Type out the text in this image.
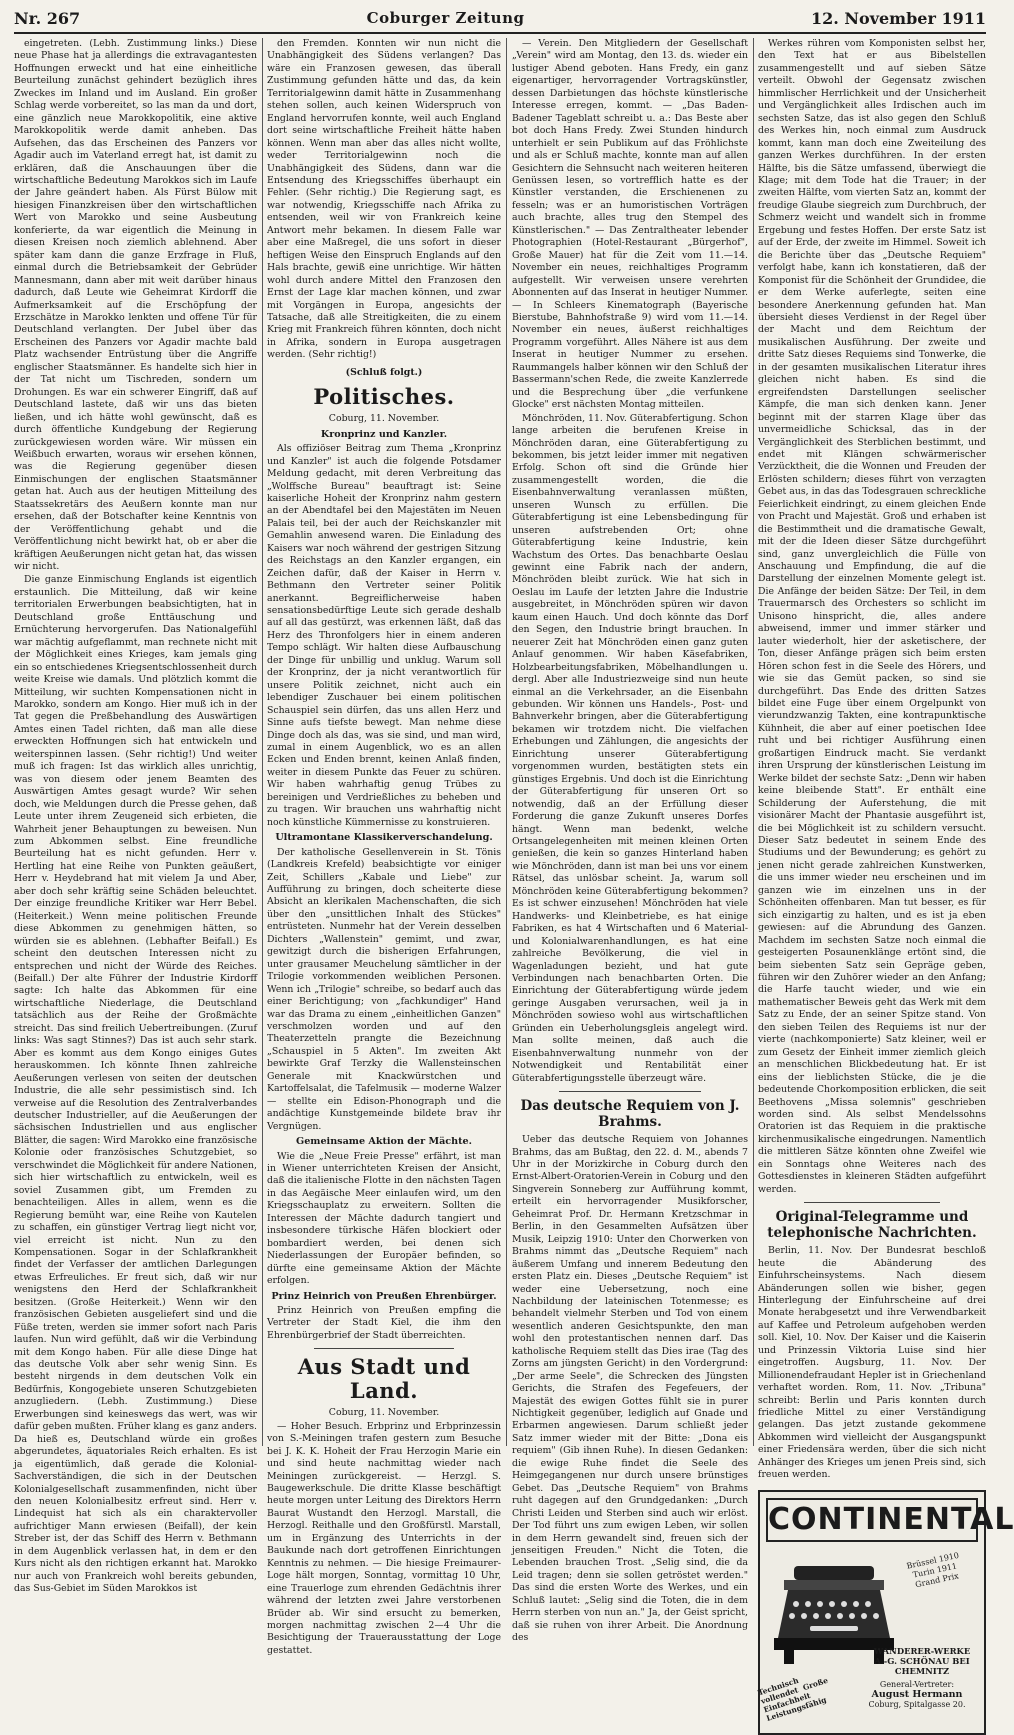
Nr. 267	Coburger Zeitung	12. November 1911

eingetreten. (Lebh. Zustimmung links.) Diese neue Phase hat ja allerdings die extravagantesten Hoffnungen erweckt und hat eine einheitliche Beurteilung zunächst gehindert bezüglich ihres Zweckes im Inland und im Ausland. Ein großer Schlag werde vorbereitet, so las man da und dort, eine gänzlich neue Marokkopolitik, eine aktive Marokkopolitik werde damit anheben. Das Aufsehen, das das Erscheinen des Panzers vor Agadir auch im Vaterland erregt hat, ist damit zu erklären, daß die Anschauungen über die wirtschaftliche Bedeutung Marokkos sich im Laufe der Jahre geändert haben. Als Fürst Bülow mit hiesigen Finanzkreisen über den wirtschaftlichen Wert von Marokko und seine Ausbeutung konferierte, da war eigentlich die Meinung in diesen Kreisen noch ziemlich ablehnend. Aber später kam dann die ganze Erzfrage in Fluß, einmal durch die Betriebsamkeit der Gebrüder Mannesmann, dann aber mit weit darüber hinaus dadurch, daß Leute wie Geheimrat Kirdorff die Aufmerksamkeit auf die Erschöpfung der Erzschätze in Marokko lenkten und offene Tür für Deutschland verlangten. Der Jubel über das Erscheinen des Panzers vor Agadir machte bald Platz wachsender Entrüstung über die Angriffe englischer Staatsmänner. Es handelte sich hier in der Tat nicht um Tischreden, sondern um Drohungen. Es war ein schwerer Eingriff, daß auf Deutschland lastete, daß wir uns das bieten ließen, und ich hätte wohl gewünscht, daß es durch öffentliche Kundgebung der Regierung zurückgewiesen worden wäre. Wir müssen ein Weißbuch erwarten, woraus wir ersehen können, was die Regierung gegenüber diesen Einmischungen der englischen Staatsmänner getan hat. Auch aus der heutigen Mitteilung des Staatssekretärs des Aeußern konnte man nur ersehen, daß der Botschafter keine Kenntnis von der Veröffentlichung gehabt und die Veröffentlichung nicht bewirkt hat, ob er aber die kräftigen Aeußerungen nicht getan hat, das wissen wir nicht.

Die ganze Einmischung Englands ist eigentlich erstaunlich. Die Mitteilung, daß wir keine territorialen Erwerbungen beabsichtigten, hat in Deutschland große Enttäuschung und Ernüchterung hervorgerufen. Das Nationalgefühl war mächtig aufgeflammt, man rechnete nicht mit der Möglichkeit eines Krieges, kam jemals ging ein so entschiedenes Kriegsentschlossenheit durch weite Kreise wie damals. Und plötzlich kommt die Mitteilung, wir suchten Kompensationen nicht in Marokko, sondern am Kongo. Hier muß ich in der Tat gegen die Preßbehandlung des Auswärtigen Amtes einen Tadel richten, daß man alle diese erweckten Hoffnungen sich hat entwickeln und weiterspinnen lassen. (Sehr richtig!) Und weiter muß ich fragen: Ist das wirklich alles unrichtig, was von diesem oder jenem Beamten des Auswärtigen Amtes gesagt wurde? Wir sehen doch, wie Meldungen durch die Presse gehen, daß Leute unter ihrem Zeugeneid sich erbieten, die Wahrheit jener Behauptungen zu beweisen. Nun zum Abkommen selbst. Eine freundliche Beurteilung hat es nicht gefunden. Herr v. Hertling hat eine Reihe von Punkten geäußert, Herr v. Heydebrand hat mit vielem Ja und Aber, aber doch sehr kräftig seine Schäden beleuchtet. Der einzige freundliche Kritiker war Herr Bebel. (Heiterkeit.) Wenn meine politischen Freunde diese Abkommen zu genehmigen hätten, so würden sie es ablehnen. (Lebhafter Beifall.) Es scheint den deutschen Interessen nicht zu entsprechen und nicht der Würde des Reiches. (Beifall.) Der alte Führer der Industrie Kirdorff sagte: Ich halte das Abkommen für eine wirtschaftliche Niederlage, die Deutschland tatsächlich aus der Reihe der Großmächte streicht. Das sind freilich Uebertreibungen. (Zuruf links: Was sagt Stinnes?) Das ist auch sehr stark. Aber es kommt aus dem Kongo einiges Gutes herauskommen. Ich könnte Ihnen zahlreiche Aeußerungen verlesen von seiten der deutschen Industrie, die alle sehr pessimistisch sind. Ich verweise auf die Resolution des Zentralverbandes deutscher Industrieller, auf die Aeußerungen der sächsischen Industriellen und aus englischer Blätter, die sagen: Wird Marokko eine französische Kolonie oder französisches Schutzgebiet, so verschwindet die Möglichkeit für andere Nationen, sich hier wirtschaftlich zu entwickeln, weil es soviel Zusammen gibt, um Fremden zu benachteiligen. Alles in allem, wenn es die Regierung bemüht war, eine Reihe von Kautelen zu schaffen, ein günstiger Vertrag liegt nicht vor, viel erreicht ist nicht. Nun zu den Kompensationen. Sogar in der Schlafkrankheit findet der Verfasser der amtlichen Darlegungen etwas Erfreuliches. Er freut sich, daß wir nur wenigstens den Herd der Schlafkrankheit besitzen. (Große Heiterkeit.) Wenn wir den französischen Gebieten ausgeliefert sind und die Füße treten, werden sie immer sofort nach Paris laufen. Nun wird gefühlt, daß wir die Verbindung mit dem Kongo haben. Für alle diese Dinge hat das deutsche Volk aber sehr wenig Sinn. Es besteht nirgends in dem deutschen Volk ein Bedürfnis, Kongogebiete unseren Schutzgebieten anzugliedern. (Lebh. Zustimmung.) Diese Erwerbungen sind keineswegs das wert, was wir dafür geben mußten. Früher klang es ganz anders. Da hieß es, Deutschland würde ein großes abgerundetes, äquatoriales Reich erhalten. Es ist ja eigentümlich, daß gerade die Kolonial-Sachverständigen, die sich in der Deutschen Kolonialgesellschaft zusammenfinden, nicht über den neuen Kolonialbesitz erfreut sind. Herr v. Lindequist hat sich als ein charaktervoller aufrichtiger Mann erwiesen (Beifall), der kein Streber ist, der das Schiff des Herrn v. Bethmann in dem Augenblick verlassen hat, in dem er den Kurs nicht als den richtigen erkannt hat. Marokko nur auch von Frankreich wohl bereits gebunden, das Sus-Gebiet im Süden Marokkos ist

den Fremden. Konnten wir nun nicht die Unabhängigkeit des Südens verlangen? Das wäre ein Franzosen gewesen, das überall Zustimmung gefunden hätte und das, da kein Territorialgewinn damit hätte in Zusammenhang stehen sollen, auch keinen Widerspruch von England hervorrufen konnte, weil auch England dort seine wirtschaftliche Freiheit hätte haben können. Wenn man aber das alles nicht wollte, weder Territorialgewinn noch die Unabhängigkeit des Südens, dann war die Entsendung des Kriegsschiffes überhaupt ein Fehler. (Sehr richtig.) Die Regierung sagt, es war notwendig, Kriegsschiffe nach Afrika zu entsenden, weil wir von Frankreich keine Antwort mehr bekamen. In diesem Falle war aber eine Maßregel, die uns sofort in dieser heftigen Weise den Einspruch Englands auf den Hals brachte, gewiß eine unrichtige. Wir hätten wohl durch andere Mittel den Franzosen den Ernst der Lage klar machen können, und zwar mit Vorgängen in Europa, angesichts der Tatsache, daß alle Streitigkeiten, die zu einem Krieg mit Frankreich führen könnten, doch nicht in Afrika, sondern in Europa ausgetragen werden. (Sehr richtig!)

(Schluß folgt.)
Politisches.
Coburg, 11. November.
Kronprinz und Kanzler.

Als offiziöser Beitrag zum Thema „Kronprinz und Kanzler" ist auch die folgende Potsdamer Meldung gedacht, mit deren Verbreitung das „Wolffsche Bureau" beauftragt ist: Seine kaiserliche Hoheit der Kronprinz nahm gestern an der Abendtafel bei den Majestäten im Neuen Palais teil, bei der auch der Reichskanzler mit Gemahlin anwesend waren. Die Einladung des Kaisers war noch während der gestrigen Sitzung des Reichstags an den Kanzler ergangen, ein Zeichen dafür, daß der Kaiser in Herrn v. Bethmann den Vertreter seiner Politik anerkannt. Begreiflicherweise haben sensationsbedürftige Leute sich gerade deshalb auf all das gestürzt, was erkennen läßt, daß das Herz des Thronfolgers hier in einem anderen Tempo schlägt. Wir halten diese Aufbauschung der Dinge für unbillig und unklug. Warum soll der Kronprinz, der ja nicht verantwortlich für unsere Politik zeichnet, nicht auch ein lebendiger Zuschauer bei einem politischen Schauspiel sein dürfen, das uns allen Herz und Sinne aufs tiefste bewegt. Man nehme diese Dinge doch als das, was sie sind, und man wird, zumal in einem Augenblick, wo es an allen Ecken und Enden brennt, keinen Anlaß finden, weiter in diesem Punkte das Feuer zu schüren. Wir haben wahrhaftig genug Trübes zu bereinigen und Verdrießliches zu beheben und zu tragen. Wir brauchen uns wahrhaftig nicht noch künstliche Kümmernisse zu konstruieren.

Ultramontane Klassikerverschandelung.

Der katholische Gesellenverein in St. Tönis (Landkreis Krefeld) beabsichtigte vor einiger Zeit, Schillers „Kabale und Liebe" zur Aufführung zu bringen, doch scheiterte diese Absicht an klerikalen Machenschaften, die sich über den „unsittlichen Inhalt des Stückes" entrüsteten. Nunmehr hat der Verein desselben Dichters „Wallenstein" gemimt, und zwar, gewitzigt durch die bisherigen Erfahrungen, unter grausamer Meuchelung sämtlicher in der Trilogie vorkommenden weiblichen Personen. Wenn ich „Trilogie" schreibe, so bedarf auch das einer Berichtigung; von „fachkundiger" Hand war das Drama zu einem „einheitlichen Ganzen" verschmolzen worden und auf den Theaterzetteln prangte die Bezeichnung „Schauspiel in 5 Akten". Im zweiten Akt bewirkte Graf Terzky die Wallensteinschen Generale mit Knackwürstchen und Kartoffelsalat, die Tafelmusik — moderne Walzer — stellte ein Edison-Phonograph und die andächtige Kunstgemeinde bildete brav ihr Vergnügen.

Gemeinsame Aktion der Mächte.

Wie die „Neue Freie Presse" erfährt, ist man in Wiener unterrichteten Kreisen der Ansicht, daß die italienische Flotte in den nächsten Tagen in das Aegäische Meer einlaufen wird, um den Kriegsschauplatz zu erweitern. Sollten die Interessen der Mächte dadurch tangiert und insbesondere türkische Häfen blockiert oder bombardiert werden, bei denen sich Niederlassungen der Europäer befinden, so dürfte eine gemeinsame Aktion der Mächte erfolgen.

Prinz Heinrich von Preußen Ehrenbürger.

Prinz Heinrich von Preußen empfing die Vertreter der Stadt Kiel, die ihm den Ehrenbürgerbrief der Stadt überreichten.

Aus Stadt und Land.
Coburg, 11. November.

— Hoher Besuch. Erbprinz und Erbprinzessin von S.-Meiningen trafen gestern zum Besuche bei J. K. K. Hoheit der Frau Herzogin Marie ein und sind heute nachmittag wieder nach Meiningen zurückgereist. — Herzgl. S. Baugewerkschule. Die dritte Klasse beschäftigt heute morgen unter Leitung des Direktors Herrn Baurat Wustandt den Herzogl. Marstall, die Herzogl. Reithalle und den Großfürstl. Marstall, um in Ergänzung des Unterrichts in der Baukunde nach dort getroffenen Einrichtungen Kenntnis zu nehmen. — Die hiesige Freimaurer-Loge hält morgen, Sonntag, vormittag 10 Uhr, eine Trauerloge zum ehrenden Gedächtnis ihrer während der letzten zwei Jahre verstorbenen Brüder ab. Wir sind ersucht zu bemerken, morgen nachmittag zwischen 2—4 Uhr die Besichtigung der Trauerausstattung der Loge gestattet.

— Verein. Den Mitgliedern der Gesellschaft „Verein" wird am Montag, den 13. ds. wieder ein lustiger Abend geboten. Hans Fredy, ein ganz eigenartiger, hervorragender Vortragskünstler, dessen Darbietungen das höchste künstlerische Interesse erregen, kommt. — „Das Baden-Badener Tageblatt schreibt u. a.: Das Beste aber bot doch Hans Fredy. Zwei Stunden hindurch unterhielt er sein Publikum auf das Fröhlichste und als er Schluß machte, konnte man auf allen Gesichtern die Sehnsucht nach weiteren heiteren Genüssen lesen, so vortrefflich hatte es der Künstler verstanden, die Erschienenen zu fesseln; was er an humoristischen Vorträgen auch brachte, alles trug den Stempel des Künstlerischen." — Das Zentraltheater lebender Photographien (Hotel-Restaurant „Bürgerhof", Große Mauer) hat für die Zeit vom 11.—14. November ein neues, reichhaltiges Programm aufgestellt. Wir verweisen unsere verehrten Abonnenten auf das Inserat in heutiger Nummer. — In Schleers Kinematograph (Bayerische Bierstube, Bahnhofstraße 9) wird vom 11.—14. November ein neues, äußerst reichhaltiges Programm vorgeführt. Alles Nähere ist aus dem Inserat in heutiger Nummer zu ersehen. Raummangels halber können wir den Schluß der Bassermann'schen Rede, die zweite Kanzlerrede und die Besprechung über „die verfunkene Glocke" erst nächsten Montag mitteilen.

Mönchröden, 11. Nov. Güterabfertigung. Schon lange arbeiten die berufenen Kreise in Mönchröden daran, eine Güterabfertigung zu bekommen, bis jetzt leider immer mit negativen Erfolg. Schon oft sind die Gründe hier zusammengestellt worden, die die Eisenbahnverwaltung veranlassen müßten, unseren Wunsch zu erfüllen. Die Güterabfertigung ist eine Lebensbedingung für unseren aufstrebenden Ort; ohne Güterabfertigung keine Industrie, kein Wachstum des Ortes. Das benachbarte Oeslau gewinnt eine Fabrik nach der andern, Mönchröden bleibt zurück. Wie hat sich in Oeslau im Laufe der letzten Jahre die Industrie ausgebreitet, in Mönchröden spüren wir davon kaum einen Hauch. Und doch könnte das Dorf den Segen, den Industrie bringt brauchen. In neuerer Zeit hat Mönchröden einen ganz guten Anlauf genommen. Wir haben Käsefabriken, Holzbearbeitungsfabriken, Möbelhandlungen u. dergl. Aber alle Industriezweige sind nun heute einmal an die Verkehrsader, an die Eisenbahn gebunden. Wir können uns Handels-, Post- und Bahnverkehr bringen, aber die Güterabfertigung bekamen wir trotzdem nicht. Die vielfachen Erhebungen und Zählungen, die angesichts der Einrichtung unserer Güterabfertigung vorgenommen wurden, bestätigten stets ein günstiges Ergebnis. Und doch ist die Einrichtung der Güterabfertigung für unseren Ort so notwendig, daß an der Erfüllung dieser Forderung die ganze Zukunft unseres Dorfes hängt. Wenn man bedenkt, welche Ortsangelegenheiten mit meinen kleinen Orten genießen, die kein so ganzes Hinterland haben wie Mönchröden, dann ist man bei uns vor einem Rätsel, das unlösbar scheint. Ja, warum soll Mönchröden keine Güterabfertigung bekommen? Es ist schwer einzusehen! Mönchröden hat viele Handwerks- und Kleinbetriebe, es hat einige Fabriken, es hat 4 Wirtschaften und 6 Material- und Kolonialwarenhandlungen, es hat eine zahlreiche Bevölkerung, die viel in Wagenladungen bezieht, und hat gute Verbindungen nach benachbarten Orten. Die Einrichtung der Güterabfertigung würde jedem geringe Ausgaben verursachen, weil ja in Mönchröden sowieso wohl aus wirtschaftlichen Gründen ein Ueberholungsgleis angelegt wird. Man sollte meinen, daß auch die Eisenbahnverwaltung nunmehr von der Notwendigkeit und Rentabilität einer Güterabfertigungsstelle überzeugt wäre.

Das deutsche Requiem von J. Brahms.

Ueber das deutsche Requiem von Johannes Brahms, das am Bußtag, den 22. d. M., abends 7 Uhr in der Morizkirche in Coburg durch den Ernst-Albert-Oratorien-Verein in Coburg und den Singverein Sonneberg zur Aufführung kommt, erteilt ein hervorragender Musikforscher, Geheimrat Prof. Dr. Hermann Kretzschmar in Berlin, in den Gesammelten Aufsätzen über Musik, Leipzig 1910: Unter den Chorwerken von Brahms nimmt das „Deutsche Requiem" nach äußerem Umfang und innerem Bedeutung den ersten Platz ein. Dieses „Deutsche Requiem" ist weder eine Uebersetzung, noch eine Nachbildung der lateinischen Totenmesse; es behandelt vielmehr Sterben und Tod von einem wesentlich anderen Gesichtspunkte, den man wohl den protestantischen nennen darf. Das katholische Requiem stellt das Dies irae (Tag des Zorns am jüngsten Gericht) in den Vordergrund: „Der arme Seele", die Schrecken des Jüngsten Gerichts, die Strafen des Fegefeuers, der Majestät des ewigen Gottes fühlt sie in purer Nichtigkeit gegenüber, lediglich auf Gnade und Erbarmen angewiesen. Darum schließt jeder Satz immer wieder mit der Bitte: „Dona eis requiem" (Gib ihnen Ruhe). In diesen Gedanken: die ewige Ruhe findet die Seele des Heimgegangenen nur durch unsere brünstiges Gebet. Das „Deutsche Requiem" von Brahms ruht dagegen auf den Grundgedanken: „Durch Christi Leiden und Sterben sind auch wir erlöst. Der Tod führt uns zum ewigen Leben, wir sollen in dem Herrn gewandelt sind, freuen sich der jenseitigen Freuden." Nicht die Toten, die Lebenden brauchen Trost. „Selig sind, die da Leid tragen; denn sie sollen getröstet werden." Das sind die ersten Worte des Werkes, und ein Schluß lautet: „Selig sind die Toten, die in dem Herrn sterben von nun an." Ja, der Geist spricht, daß sie ruhen von ihrer Arbeit. Die Anordnung des

Werkes rühren vom Komponisten selbst her, den Text hat er aus Bibelstellen zusammengestellt und auf sieben Sätze verteilt. Obwohl der Gegensatz zwischen himmlischer Herrlichkeit und der Unsicherheit und Vergänglichkeit alles Irdischen auch im sechsten Satze, das ist also gegen den Schluß des Werkes hin, noch einmal zum Ausdruck kommt, kann man doch eine Zweiteilung des ganzen Werkes durchführen. In der ersten Hälfte, bis die Sätze umfassend, überwiegt die Klage; mit dem Tode hat die Trauer; in der zweiten Hälfte, vom vierten Satz an, kommt der freudige Glaube siegreich zum Durchbruch, der Schmerz weicht und wandelt sich in fromme Ergebung und festes Hoffen. Der erste Satz ist auf der Erde, der zweite im Himmel. Soweit ich die Berichte über das „Deutsche Requiem" verfolgt habe, kann ich konstatieren, daß der Komponist für die Schönheit der Grundidee, die er dem Werke auferlegte, seiten eine besondere Anerkennung gefunden hat. Man übersieht dieses Verdienst in der Regel über der Macht und dem Reichtum der musikalischen Ausführung. Der zweite und dritte Satz dieses Requiems sind Tonwerke, die in der gesamten musikalischen Literatur ihres gleichen nicht haben. Es sind die ergreifendsten Darstellungen seelischer Kämpfe, die man sich denken kann. Jener beginnt mit der starren Klage über das unvermeidliche Schicksal, das in der Vergänglichkeit des Sterblichen bestimmt, und endet mit Klängen schwärmerischer Verzücktheit, die die Wonnen und Freuden der Erlösten schildern; dieses führt von verzagten Gebet aus, in das das Todesgrauen schreckliche Feierlichkeit eindringt, zu einem gleichen Ende von Pracht und Majestät. Groß und erhaben ist die Bestimmtheit und die dramatische Gewalt, mit der die Ideen dieser Sätze durchgeführt sind, ganz unvergleichlich die Fülle von Anschauung und Empfindung, die auf die Darstellung der einzelnen Momente gelegt ist. Die Anfänge der beiden Sätze: Der Teil, in dem Trauermarsch des Orchesters so schlicht im Unisono hinspricht, die, alles andere abweisend, immer und immer stärker und lauter wiederholt, hier der asketischere, der Ton, dieser Anfänge prägen sich beim ersten Hören schon fest in die Seele des Hörers, und wie sie das Gemüt packen, so sind sie durchgeführt. Das Ende des dritten Satzes bildet eine Fuge über einem Orgelpunkt von vierundzwanzig Takten, eine kontrapunktische Kühnheit, die aber auf einer poetischen Idee ruht und bei richtiger Ausführung einen großartigen Eindruck macht. Sie verdankt ihren Ursprung der künstlerischen Leistung im Werke bildet der sechste Satz: „Denn wir haben keine bleibende Statt". Er enthält eine Schilderung der Auferstehung, die mit visionärer Macht der Phantasie ausgeführt ist, die bei Möglichkeit ist zu schildern versucht. Dieser Satz bedeutet in seinem Ende des Studiums und der Bewunderung; es gehört zu jenen nicht gerade zahlreichen Kunstwerken, die uns immer wieder neu erscheinen und im ganzen wie im einzelnen uns in der Schönheiten offenbaren. Man tut besser, es für sich einzigartig zu halten, und es ist ja eben gewiesen: auf die Abrundung des Ganzen. Machdem im sechsten Satze noch einmal die gesteigerten Posaunenklänge ertönt sind, die beim siebenten Satz sein Gepräge geben, führen wir den Zuhörer wieder an den Anfang; die Harfe taucht wieder, und wie ein mathematischer Beweis geht das Werk mit dem Satz zu Ende, der an seiner Spitze stand. Von den sieben Teilen des Requiems ist nur der vierte (nachkomponierte) Satz kleiner, weil er zum Gesetz der Einheit immer ziemlich gleich an menschlichen Blickbedeutung hat. Er ist eins der lieblichsten Stücke, die je die bedeutende Chorkomposition erblicken, die seit Beethovens „Missa solemnis" geschrieben worden sind. Als selbst Mendelssohns Oratorien ist das Requiem in die praktische kirchenmusikalische eingedrungen. Namentlich die mittleren Sätze könnten ohne Zweifel wie ein Sonntags ohne Weiteres nach des Gottesdienstes in kleineren Städten aufgeführt werden.

Original-Telegramme und telephonische Nachrichten.

Berlin, 11. Nov. Der Bundesrat beschloß heute die Abänderung des Einfuhrscheinsystems. Nach diesem Abänderungen sollen wie bisher, gegen Hinterlegung der Einfuhrscheine auf drei Monate herabgesetzt und ihre Verwendbarkeit auf Kaffee und Petroleum aufgehoben werden soll. Kiel, 10. Nov. Der Kaiser und die Kaiserin und Prinzessin Viktoria Luise sind hier eingetroffen. Augsburg, 11. Nov. Der Millionendefraudant Hepler ist in Griechenland verhaftet worden. Rom, 11. Nov. „Tribuna" schreibt: Berlin und Paris konnten durch friedliche Mittel zu einer Verständigung gelangen. Das jetzt zustande gekommene Abkommen wird vielleicht der Ausgangspunkt einer Friedensära werden, über die sich nicht Anhänger des Krieges um jenen Preis sind, sich freuen werden.

CONTINENTAL
Brüssel 1910 Turin 1911 Grand Prix
WANDERER-WERKE A.-G. SCHÖNAU BEI CHEMNITZ
General-Vertreter:
August Hermann
Coburg, Spitalgasse 20.
Technisch vollendet Große Einfachheit Leistungsfähig
